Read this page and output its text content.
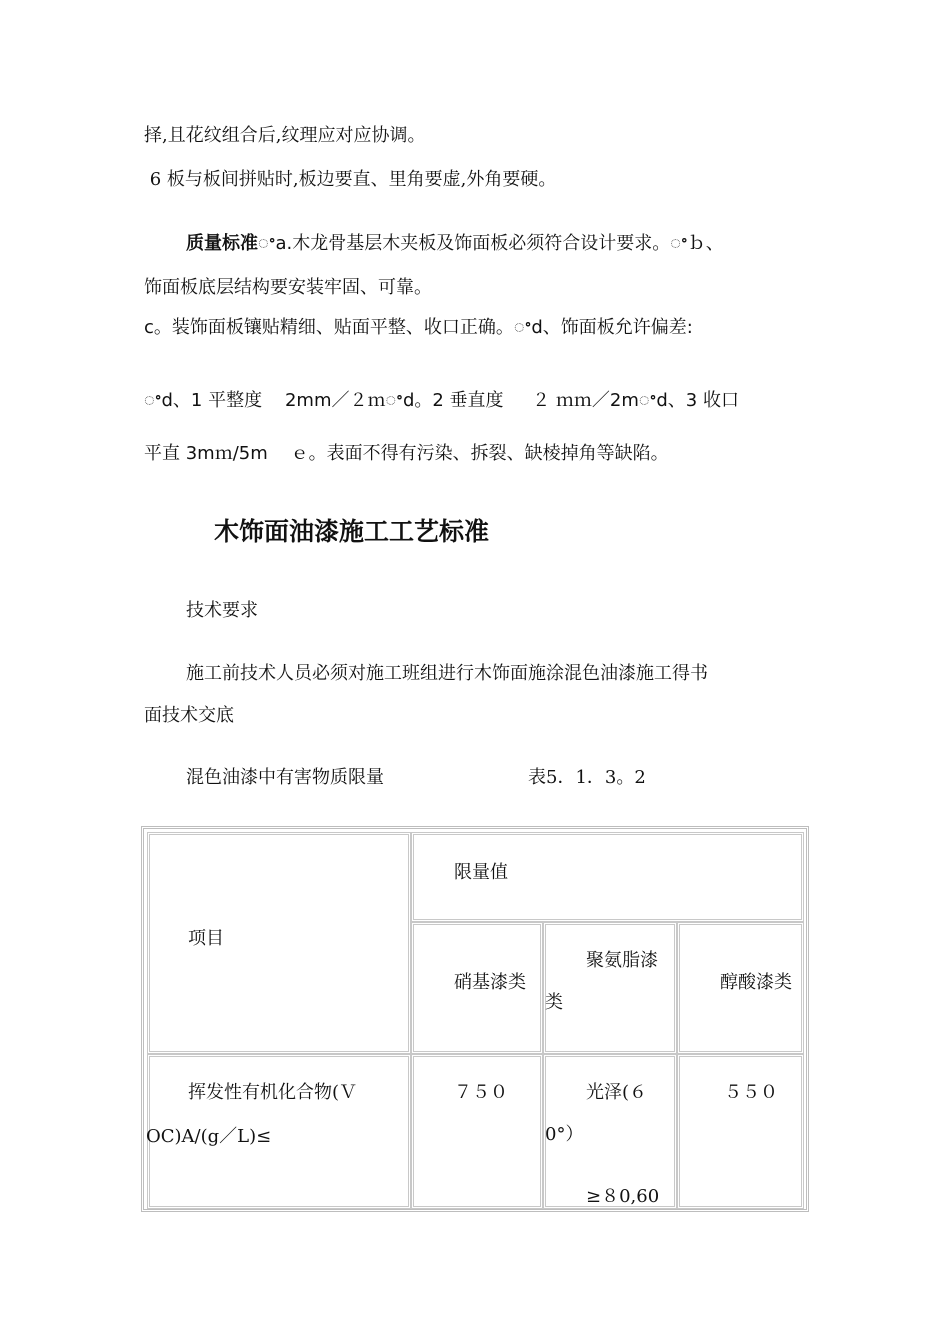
择,且花纹组合后,纹理应对应协调。
6 板与板间拼贴时,板边要直、里角要虚,外角要硬。
质量标准ꢀa.木龙骨基层木夹板及饰面板必须符合设计要求。ꢀｂ、
饰面板底层结构要安装牢固、可靠。
c。装饰面板镶贴精细、贴面平整、收口正确。ꢀd、饰面板允许偏差:
ꢀd、1 平整度    2mm／２ｍꢀd。2 垂直度     ２ ｍｍ／2mꢀd、3 收口
平直 3mｍ/5m    ｅ。表面不得有污染、拆裂、缺棱掉角等缺陷。
木饰面油漆施工工艺标准
技术要求
施工前技术人员必须对施工班组进行木饰面施涂混色油漆施工得书
面技术交底
混色油漆中有害物质限量	表5．1．3。2
项目
限量值
硝基漆类
聚氨脂漆
类
醇酸漆类
挥发性有机化合物(Ｖ
OC)A/(g／L)≤
７５０	光泽(６
0°）
≥８0,60
５５０
